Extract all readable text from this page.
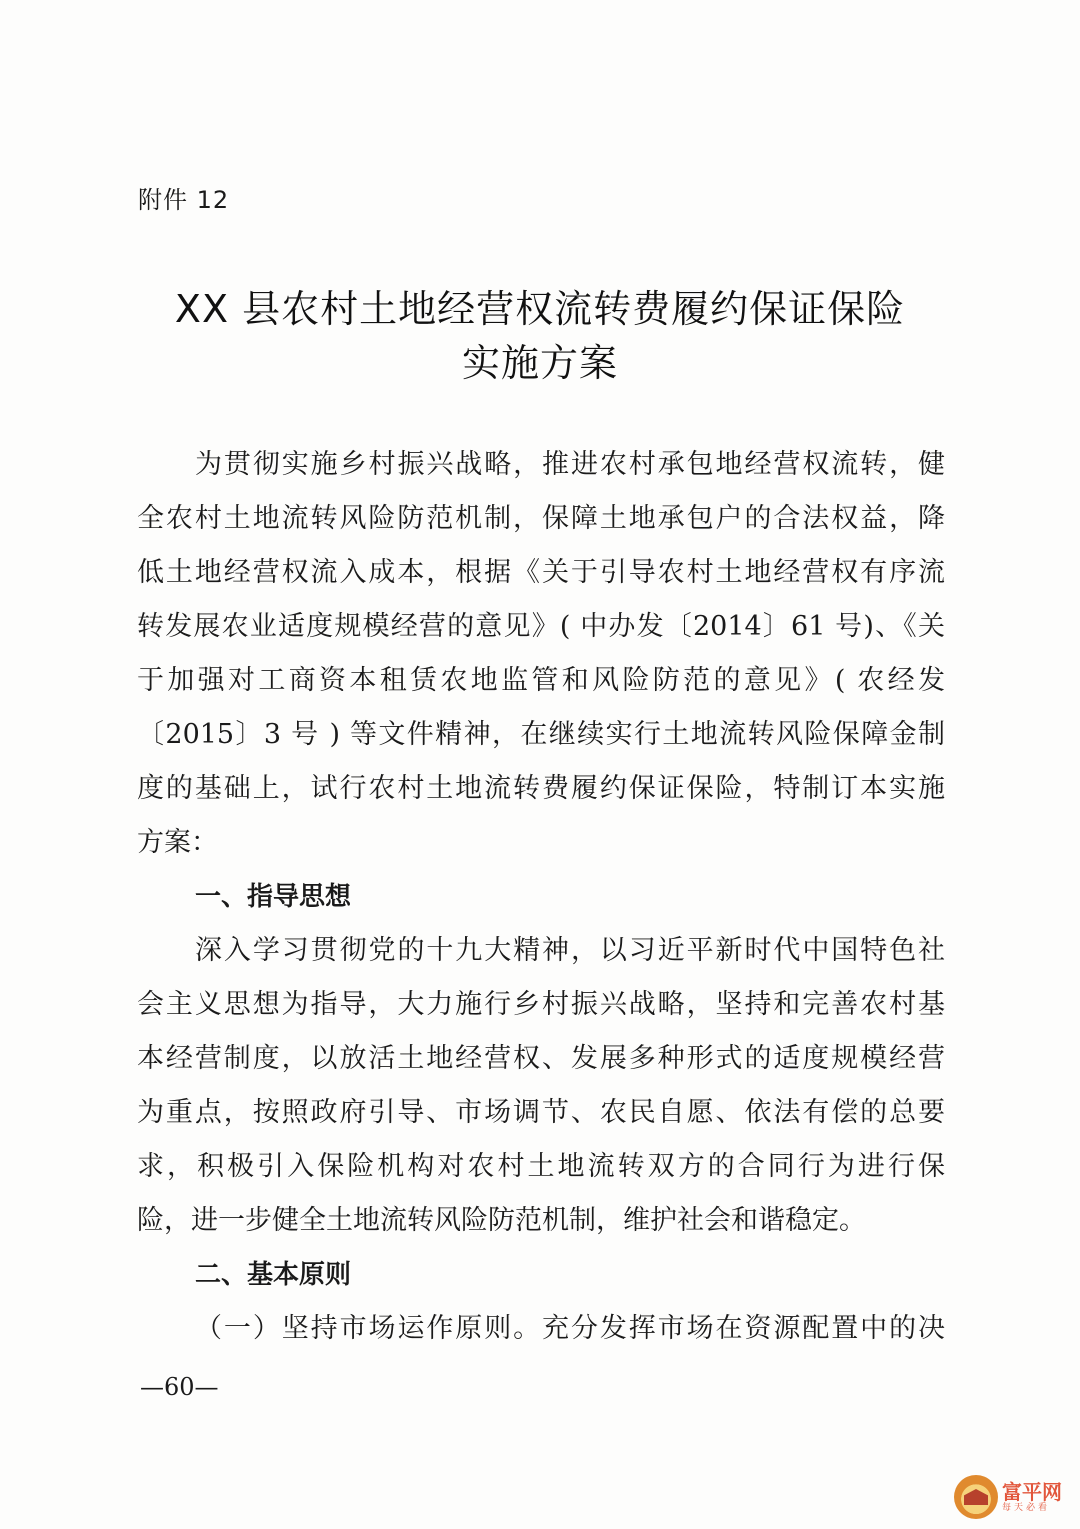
附件 12
XX 县农村土地经营权流转费履约保证保险
实施方案
为贯彻实施乡村振兴战略，推进农村承包地经营权流转，健
全农村土地流转风险防范机制，保障土地承包户的合法权益，降
低土地经营权流入成本，根据《关于引导农村土地经营权有序流
转发展农业适度规模经营的意见》( 中办发〔2014〕61 号)、《关
于加强对工商资本租赁农地监管和风险防范的意见》( 农经发
〔2015〕3 号 ) 等文件精神，在继续实行土地流转风险保障金制
度的基础上，试行农村土地流转费履约保证保险，特制订本实施
方案：
一、指导思想
深入学习贯彻党的十九大精神，以习近平新时代中国特色社
会主义思想为指导，大力施行乡村振兴战略，坚持和完善农村基
本经营制度，以放活土地经营权、发展多种形式的适度规模经营
为重点，按照政府引导、市场调节、农民自愿、依法有偿的总要
求，积极引入保险机构对农村土地流转双方的合同行为进行保
险，进一步健全土地流转风险防范机制，维护社会和谐稳定。
二、基本原则
（一）坚持市场运作原则。充分发挥市场在资源配置中的决
—60—
富平网
每天必看
